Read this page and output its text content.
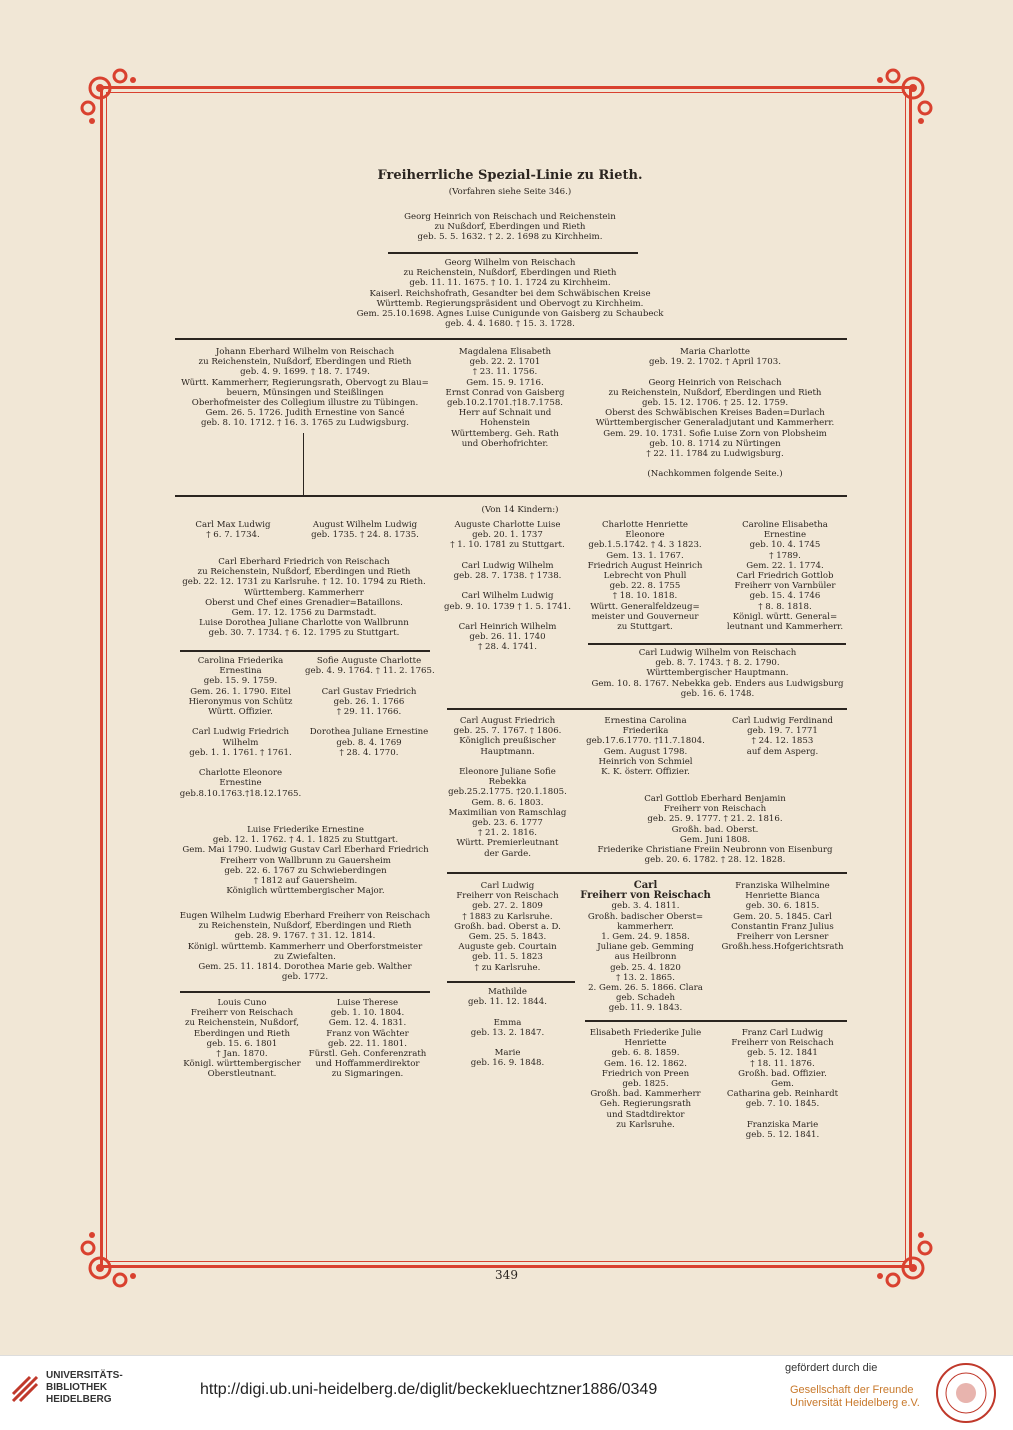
Freiherrliche Spezial-Linie zu Rieth.
(Vorfahren siehe Seite 346.)
Georg Heinrich von Reischach und Reichenstein
zu Nußdorf, Eberdingen und Rieth
geb. 5. 5. 1632. † 2. 2. 1698 zu Kirchheim.
Georg Wilhelm von Reischach
zu Reichenstein, Nußdorf, Eberdingen und Rieth
geb. 11. 11. 1675. † 10. 1. 1724 zu Kirchheim.
Kaiserl. Reichshofrath, Gesandter bei dem Schwäbischen Kreise
Württemb. Regierungspräsident und Obervogt zu Kirchheim.
Gem. 25.10.1698. Agnes Luise Cunigunde von Gaisberg zu Schaubeck
geb. 4. 4. 1680. † 15. 3. 1728.
Johann Eberhard Wilhelm von Reischach
zu Reichenstein, Nußdorf, Eberdingen und Rieth
geb. 4. 9. 1699. † 18. 7. 1749.
Württ. Kammerherr, Regierungsrath, Obervogt zu Blau=
beuern, Münsingen und Steißlingen
Oberhofmeister des Collegium illustre zu Tübingen.
Gem. 26. 5. 1726. Judith Ernestine von Sancé
geb. 8. 10. 1712. † 16. 3. 1765 zu Ludwigsburg.
Magdalena Elisabeth
geb. 22. 2. 1701
† 23. 11. 1756.
Gem. 15. 9. 1716.
Ernst Conrad von Gaisberg
geb.10.2.1701.†18.7.1758.
Herr auf Schnait und
Hohenstein
Württemberg. Geh. Rath
und Oberhofrichter.
Maria Charlotte
geb. 19. 2. 1702. † April 1703.

Georg Heinrich von Reischach
zu Reichenstein, Nußdorf, Eberdingen und Rieth
geb. 15. 12. 1706. † 25. 12. 1759.
Oberst des Schwäbischen Kreises Baden=Durlach
Württembergischer Generaladjutant und Kammerherr.
Gem. 29. 10. 1731. Sofie Luise Zorn von Plobsheim
geb. 10. 8. 1714 zu Nürtingen
† 22. 11. 1784 zu Ludwigsburg.

(Nachkommen folgende Seite.)
(Von 14 Kindern:)
Carl Max Ludwig
† 6. 7. 1734.
August Wilhelm Ludwig
geb. 1735. † 24. 8. 1735.
Carl Eberhard Friedrich von Reischach
zu Reichenstein, Nußdorf, Eberdingen und Rieth
geb. 22. 12. 1731 zu Karlsruhe. † 12. 10. 1794 zu Rieth.
Württemberg. Kammerherr
Oberst und Chef eines Grenadier=Bataillons.
Gem. 17. 12. 1756 zu Darmstadt.
Luise Dorothea Juliane Charlotte von Wallbrunn
geb. 30. 7. 1734. † 6. 12. 1795 zu Stuttgart.
Auguste Charlotte Luise
geb. 20. 1. 1737
† 1. 10. 1781 zu Stuttgart.

Carl Ludwig Wilhelm
geb. 28. 7. 1738. † 1738.

Carl Wilhelm Ludwig
geb. 9. 10. 1739 † 1. 5. 1741.

Carl Heinrich Wilhelm
geb. 26. 11. 1740
† 28. 4. 1741.
Charlotte Henriette
Eleonore
geb.1.5.1742. † 4. 3 1823.
Gem. 13. 1. 1767.
Friedrich August Heinrich
Lebrecht von Phull
geb. 22. 8. 1755
† 18. 10. 1818.
Württ. Generalfeldzeug=
meister und Gouverneur
zu Stuttgart.
Caroline Elisabetha
Ernestine
geb. 10. 4. 1745
† 1789.
Gem. 22. 1. 1774.
Carl Friedrich Gottlob
Freiherr von Varnbüler
geb. 15. 4. 1746
† 8. 8. 1818.
Königl. württ. General=
leutnant und Kammerherr.
Carl Ludwig Wilhelm von Reischach
geb. 8. 7. 1743. † 8. 2. 1790.
Württembergischer Hauptmann.
Gem. 10. 8. 1767. Nebekka geb. Enders aus Ludwigsburg
geb. 16. 6. 1748.
Carolina Friederika
Ernestina
geb. 15. 9. 1759.
Gem. 26. 1. 1790. Eitel
Hieronymus von Schütz
Württ. Offizier.

Carl Ludwig Friedrich
Wilhelm
geb. 1. 1. 1761. † 1761.

Charlotte Eleonore
Ernestine
geb.8.10.1763.†18.12.1765.
Sofie Auguste Charlotte
geb. 4. 9. 1764. † 11. 2. 1765.

Carl Gustav Friedrich
geb. 26. 1. 1766
† 29. 11. 1766.

Dorothea Juliane Ernestine
geb. 8. 4. 1769
† 28. 4. 1770.
Luise Friederike Ernestine
geb. 12. 1. 1762. † 4. 1. 1825 zu Stuttgart.
Gem. Mai 1790. Ludwig Gustav Carl Eberhard Friedrich
Freiherr von Wallbrunn zu Gauersheim
geb. 22. 6. 1767 zu Schwieberdingen
† 1812 auf Gauersheim.
Königlich württembergischer Major.
Eugen Wilhelm Ludwig Eberhard Freiherr von Reischach
zu Reichenstein, Nußdorf, Eberdingen und Rieth
geb. 28. 9. 1767. † 31. 12. 1814.
Königl. württemb. Kammerherr und Oberforstmeister
zu Zwiefalten.
Gem. 25. 11. 1814. Dorothea Marie geb. Walther
geb. 1772.
Louis Cuno
Freiherr von Reischach
zu Reichenstein, Nußdorf,
Eberdingen und Rieth
geb. 15. 6. 1801
† Jan. 1870.
Königl. württembergischer
Oberstleutnant.
Luise Therese
geb. 1. 10. 1804.
Gem. 12. 4. 1831.
Franz von Wächter
geb. 22. 11. 1801.
Fürstl. Geh. Conferenzrath
und Hoffammerdirektor
zu Sigmaringen.
Carl August Friedrich
geb. 25. 7. 1767. † 1806.
Königlich preußischer
Hauptmann.

Eleonore Juliane Sofie
Rebekka
geb.25.2.1775. †20.1.1805.
Gem. 8. 6. 1803.
Maximilian von Ramschlag
geb. 23. 6. 1777
† 21. 2. 1816.
Württ. Premierleutnant
der Garde.
Ernestina Carolina
Friederika
geb.17.6.1770. †11.7.1804.
Gem. August 1798.
Heinrich von Schmiel
K. K. österr. Offizier.
Carl Ludwig Ferdinand
geb. 19. 7. 1771
† 24. 12. 1853
auf dem Asperg.
Carl Gottlob Eberhard Benjamin
Freiherr von Reischach
geb. 25. 9. 1777. † 21. 2. 1816.
Großh. bad. Oberst.
Gem. Juni 1808.
Friederike Christiane Freiin Neubronn von Eisenburg
geb. 20. 6. 1782. † 28. 12. 1828.
Carl Ludwig
Freiherr von Reischach
geb. 27. 2. 1809
† 1883 zu Karlsruhe.
Großh. bad. Oberst a. D.
Gem. 25. 5. 1843.
Auguste geb. Courtain
geb. 11. 5. 1823
† zu Karlsruhe.
Carl
Freiherr von Reischach
geb. 3. 4. 1811.
Großh. badischer Oberst=
kammerherr.
1. Gem. 24. 9. 1858.
Juliane geb. Gemming
aus Heilbronn
geb. 25. 4. 1820
† 13. 2. 1865.
2. Gem. 26. 5. 1866. Clara
geb. Schadeh
geb. 11. 9. 1843.
Franziska Wilhelmine
Henriette Bianca
geb. 30. 6. 1815.
Gem. 20. 5. 1845. Carl
Constantin Franz Julius
Freiherr von Lersner
Großh.hess.Hofgerichtsrath
Mathilde
geb. 11. 12. 1844.

Emma
geb. 13. 2. 1847.

Marie
geb. 16. 9. 1848.
Elisabeth Friederike Julie
Henriette
geb. 6. 8. 1859.
Gem. 16. 12. 1862.
Friedrich von Preen
geb. 1825.
Großh. bad. Kammerherr
Geh. Regierungsrath
und Stadtdirektor
zu Karlsruhe.
Franz Carl Ludwig
Freiherr von Reischach
geb. 5. 12. 1841
† 18. 11. 1876.
Großh. bad. Offizier.
Gem.
Catharina geb. Reinhardt
geb. 7. 10. 1845.

Franziska Marie
geb. 5. 12. 1841.
349
UNIVERSITÄTS-
BIBLIOTHEK
HEIDELBERG
http://digi.ub.uni-heidelberg.de/diglit/beckekluechtzner1886/0349
gefördert durch die
Gesellschaft der Freunde
Universität Heidelberg e.V.
